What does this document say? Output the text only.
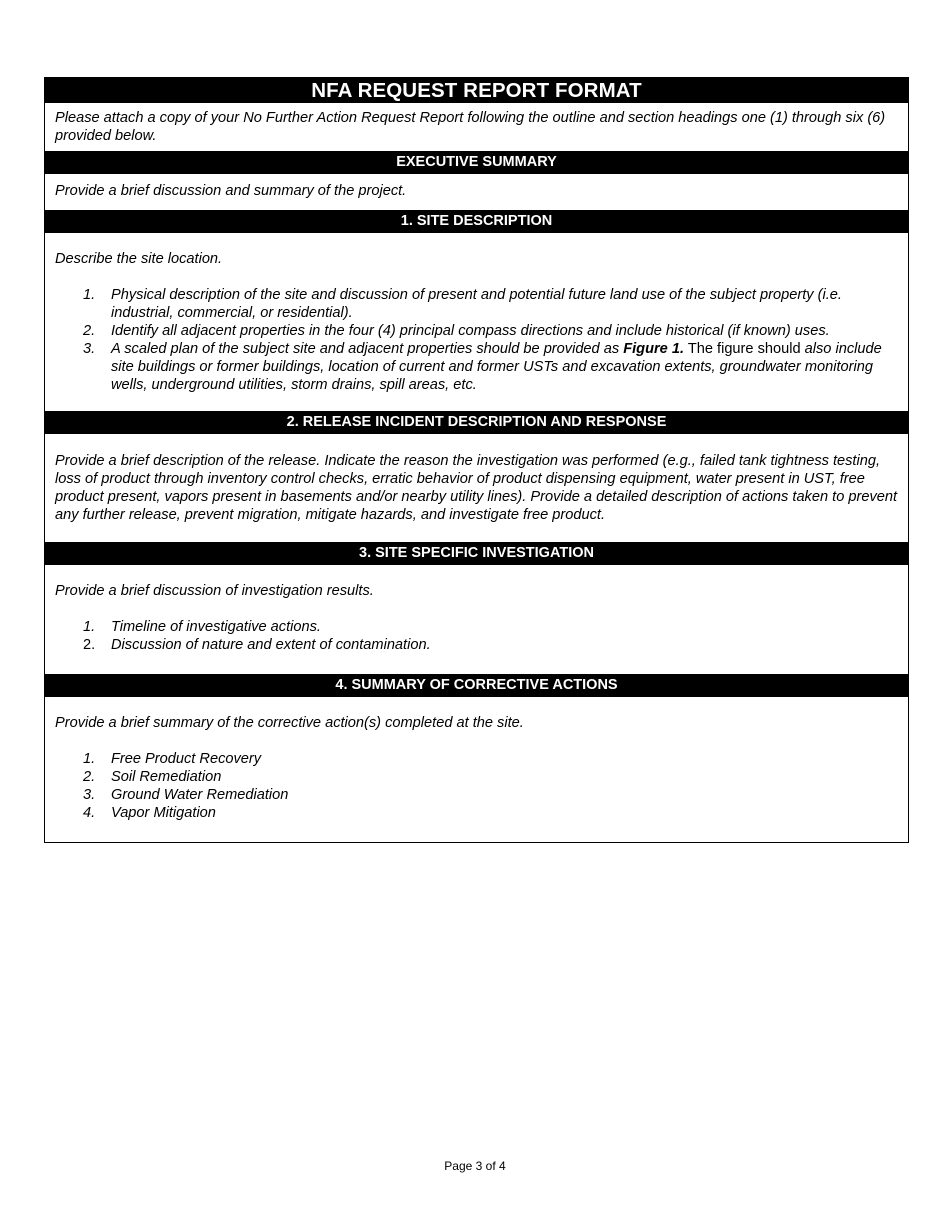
NFA REQUEST REPORT FORMAT
Please attach a copy of your No Further Action Request Report following the outline and section headings one (1) through six (6) provided below.
EXECUTIVE SUMMARY
Provide a brief discussion and summary of the project.
1. SITE DESCRIPTION
Describe the site location.
1. Physical description of the site and discussion of present and potential future land use of the subject property (i.e. industrial, commercial, or residential).
2. Identify all adjacent properties in the four (4) principal compass directions and include historical (if known) uses.
3. A scaled plan of the subject site and adjacent properties should be provided as Figure 1. The figure should also include site buildings or former buildings, location of current and former USTs and excavation extents, groundwater monitoring wells, underground utilities, storm drains, spill areas, etc.
2. RELEASE INCIDENT DESCRIPTION AND RESPONSE
Provide a brief description of the release. Indicate the reason the investigation was performed (e.g., failed tank tightness testing, loss of product through inventory control checks, erratic behavior of product dispensing equipment, water present in UST, free product present, vapors present in basements and/or nearby utility lines). Provide a detailed description of actions taken to prevent any further release, prevent migration, mitigate hazards, and investigate free product.
3. SITE SPECIFIC INVESTIGATION
Provide a brief discussion of investigation results.
1. Timeline of investigative actions.
2. Discussion of nature and extent of contamination.
4. SUMMARY OF CORRECTIVE ACTIONS
Provide a brief summary of the corrective action(s) completed at the site.
1. Free Product Recovery
2. Soil Remediation
3. Ground Water Remediation
4. Vapor Mitigation
Page 3 of 4
